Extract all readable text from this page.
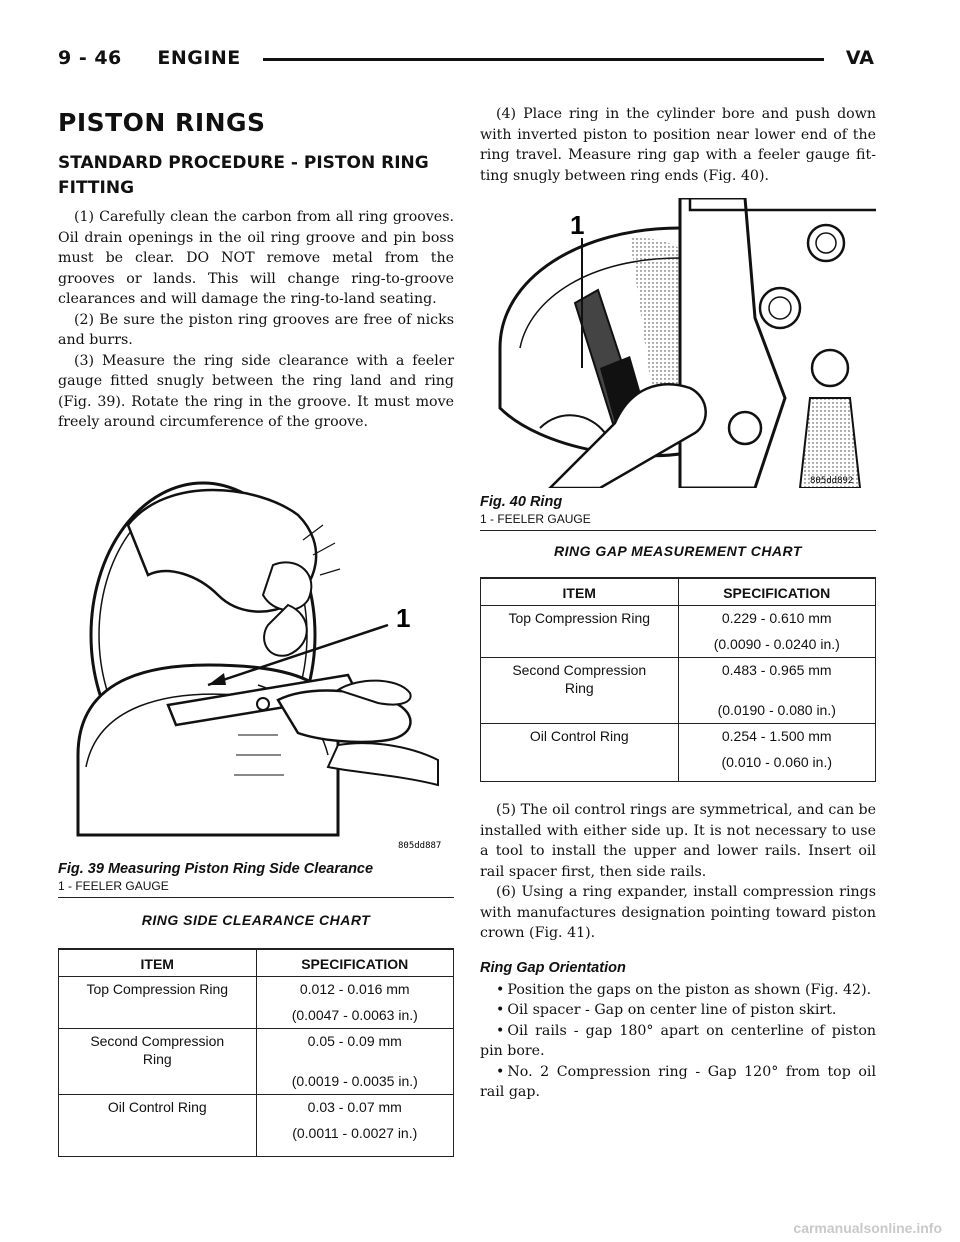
9 - 46     ENGINE	VA
PISTON RINGS
STANDARD PROCEDURE - PISTON RING FITTING

(1) Carefully clean the carbon from all ring grooves. Oil drain openings in the oil ring groove and pin boss must be clear. DO NOT remove metal from the grooves or lands. This will change ring-to-groove clearances and will damage the ring-to-land seating.

(2) Be sure the piston ring grooves are free of nicks and burrs.

(3) Measure the ring side clearance with a feeler gauge fitted snugly between the ring land and ring (Fig. 39). Rotate the ring in the groove. It must move freely around circumference of the groove.

1
805dd887
Fig. 39 Measuring Piston Ring Side Clearance
1 - FEELER GAUGE
RING SIDE CLEARANCE CHART
ITEM	SPECIFICATION
Top Compression Ring	0.012 - 0.016 mm
(0.0047 - 0.0063 in.)

Second Compression Ring	0.05 - 0.09 mm
(0.0019 - 0.0035 in.)

Oil Control Ring	0.03 - 0.07 mm
(0.0011 - 0.0027 in.)

(4) Place ring in the cylinder bore and push down with inverted piston to position near lower end of the ring travel. Measure ring gap with a feeler gauge fit-ting snugly between ring ends (Fig. 40).

1
805dd892
Fig. 40 Ring
1 - FEELER GAUGE
RING GAP MEASUREMENT CHART
ITEM	SPECIFICATION
Top Compression Ring	0.229 - 0.610 mm
(0.0090 - 0.0240 in.)

Second Compression Ring	0.483 - 0.965 mm
(0.0190 - 0.080 in.)

Oil Control Ring	0.254 - 1.500 mm
(0.010 - 0.060 in.)

(5) The oil control rings are symmetrical, and can be installed with either side up. It is not necessary to use a tool to install the upper and lower rails. Insert oil rail spacer first, then side rails.

(6) Using a ring expander, install compression rings with manufactures designation pointing toward piston crown (Fig. 41).

Ring Gap Orientation

• Position the gaps on the piston as shown (Fig. 42).

• Oil spacer - Gap on center line of piston skirt.

• Oil rails - gap 180° apart on centerline of piston pin bore.

• No. 2 Compression ring - Gap 120° from top oil rail gap.

carmanualsonline.info
